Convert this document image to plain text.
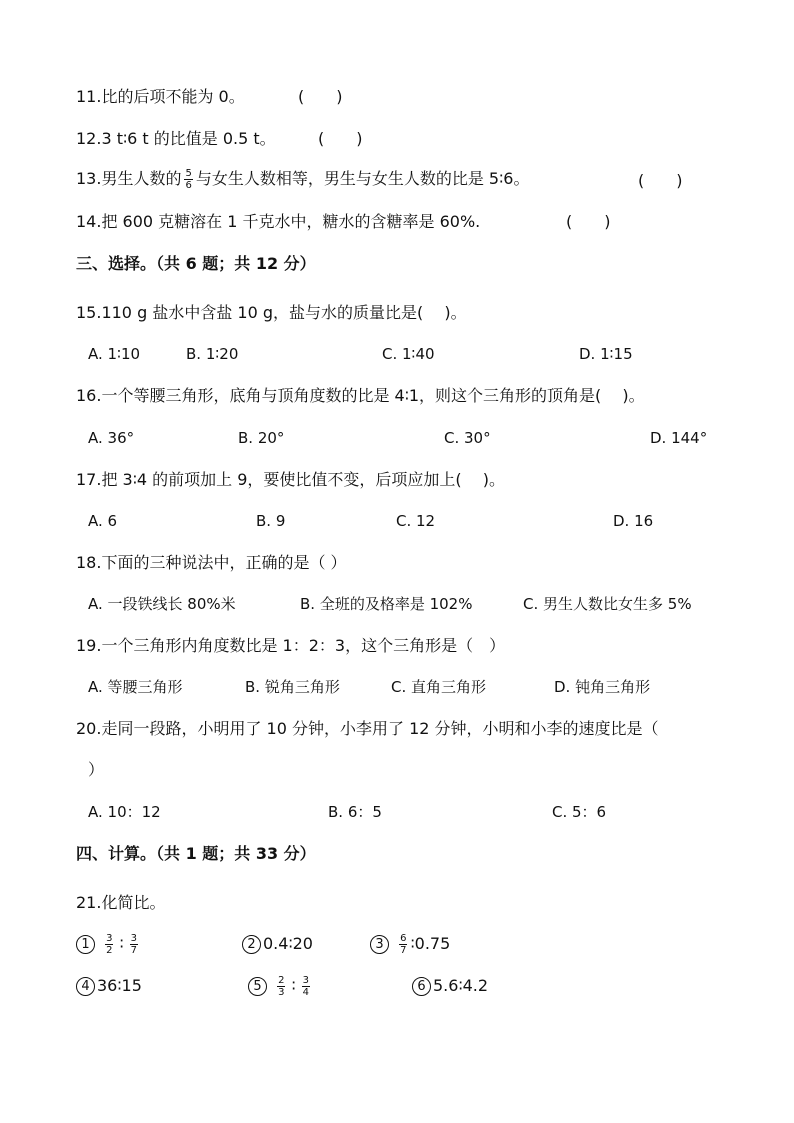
11.比的后项不能为 0。	(　　)
12.3 t∶6 t 的比值是 0.5 t。	(　　)
13.男生人数的 $\frac{5}{6}$ 与女生人数相等，男生与女生人数的比是 5∶6。	(　　)
14.把 600 克糖溶在 1 千克水中，糖水的含糖率是 60%.	(　　)
三、选择。（共 6 题；共 12 分）
15.110 g 盐水中含盐 10 g，盐与水的质量比是(　 )。
A. 1∶10	B. 1∶20	C. 1∶40	D. 1∶15
16.一个等腰三角形，底角与顶角度数的比是 4∶1，则这个三角形的顶角是(　 )。
A. 36°	B. 20°	C. 30°	D. 144°
17.把 3∶4 的前项加上 9，要使比值不变，后项应加上(　 )。
A. 6	B. 9	C. 12	D. 16
18.下面的三种说法中，正确的是（ ）
A. 一段铁线长 80%米	B. 全班的及格率是 102%	C. 男生人数比女生多 5%
19.一个三角形内角度数比是 1：2：3，这个三角形是（　）
A. 等腰三角形	B. 锐角三角形	C. 直角三角形	D. 钝角三角形
20.走同一段路，小明用了 10 分钟，小李用了 12 分钟，小明和小李的速度比是（
）
A. 10：12	B. 6：5	C. 5：6
四、计算。（共 1 题；共 33 分）
21.化简比。
$1 \frac{3}{2}$ ∶ $\frac{3}{7}$	2 0.4∶20	$3 \frac{6}{7}$ ∶0.75
4 36∶15	$5 \frac{2}{3}$ ∶ $\frac{3}{4}$	6 5.6∶4.2
